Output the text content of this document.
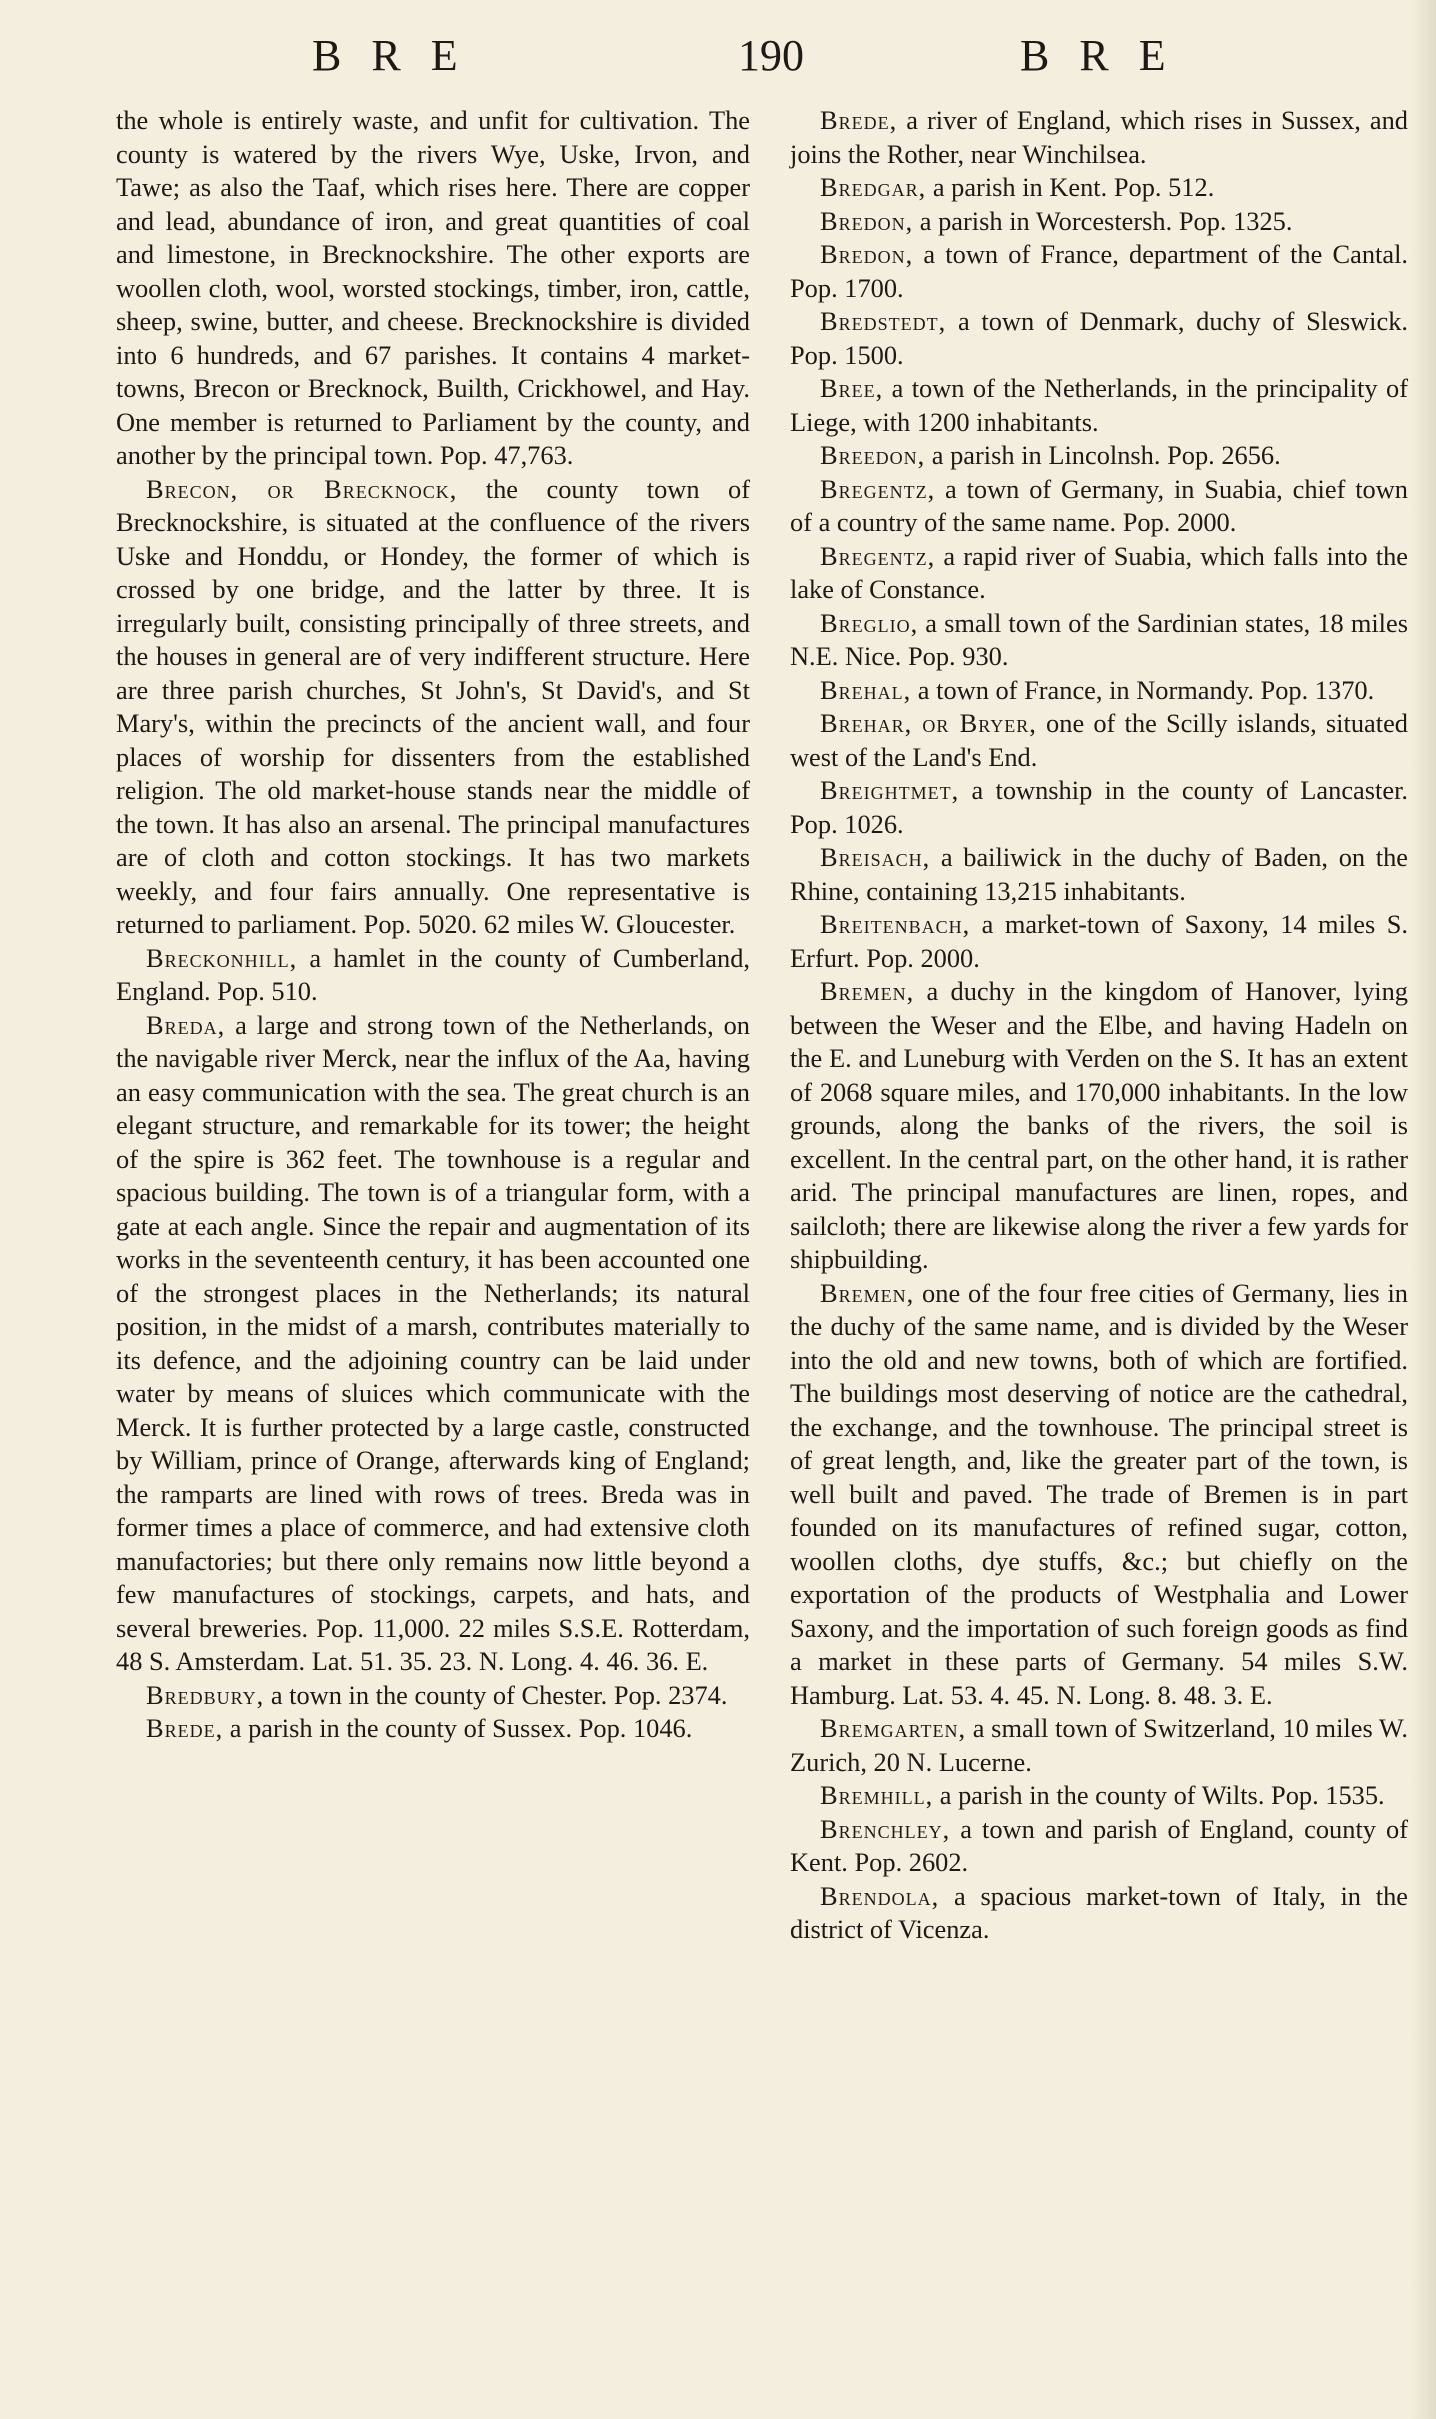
BRE	190	BRE

the whole is entirely waste, and unfit for cultivation. The county is watered by the rivers Wye, Uske, Irvon, and Tawe; as also the Taaf, which rises here. There are copper and lead, abundance of iron, and great quantities of coal and limestone, in Brecknockshire. The other exports are woollen cloth, wool, worsted stockings, timber, iron, cattle, sheep, swine, butter, and cheese. Brecknockshire is divided into 6 hundreds, and 67 parishes. It contains 4 market-towns, Brecon or Brecknock, Builth, Crickhowel, and Hay. One member is returned to Parliament by the county, and another by the principal town. Pop. 47,763.

Brecon, or Brecknock, the county town of Brecknockshire, is situated at the confluence of the rivers Uske and Honddu, or Hondey, the former of which is crossed by one bridge, and the latter by three. It is irregularly built, consisting principally of three streets, and the houses in general are of very indifferent structure. Here are three parish churches, St John's, St David's, and St Mary's, within the precincts of the ancient wall, and four places of worship for dissenters from the established religion. The old market-house stands near the middle of the town. It has also an arsenal. The principal manufactures are of cloth and cotton stockings. It has two markets weekly, and four fairs annually. One representative is returned to parliament. Pop. 5020. 62 miles W. Gloucester.

Breckonhill, a hamlet in the county of Cumberland, England. Pop. 510.

Breda, a large and strong town of the Netherlands, on the navigable river Merck, near the influx of the Aa, having an easy communication with the sea. The great church is an elegant structure, and remarkable for its tower; the height of the spire is 362 feet. The townhouse is a regular and spacious building. The town is of a triangular form, with a gate at each angle. Since the repair and augmentation of its works in the seventeenth century, it has been accounted one of the strongest places in the Netherlands; its natural position, in the midst of a marsh, contributes materially to its defence, and the adjoining country can be laid under water by means of sluices which communicate with the Merck. It is further protected by a large castle, constructed by William, prince of Orange, afterwards king of England; the ramparts are lined with rows of trees. Breda was in former times a place of commerce, and had extensive cloth manufactories; but there only remains now little beyond a few manufactures of stockings, carpets, and hats, and several breweries. Pop. 11,000. 22 miles S.S.E. Rotterdam, 48 S. Amsterdam. Lat. 51. 35. 23. N. Long. 4. 46. 36. E.

Bredbury, a town in the county of Chester. Pop. 2374.

Brede, a parish in the county of Sussex. Pop. 1046.

Brede, a river of England, which rises in Sussex, and joins the Rother, near Winchilsea.

Bredgar, a parish in Kent. Pop. 512.

Bredon, a parish in Worcestersh. Pop. 1325.

Bredon, a town of France, department of the Cantal. Pop. 1700.

Bredstedt, a town of Denmark, duchy of Sleswick. Pop. 1500.

Bree, a town of the Netherlands, in the principality of Liege, with 1200 inhabitants.

Breedon, a parish in Lincolnsh. Pop. 2656.

Bregentz, a town of Germany, in Suabia, chief town of a country of the same name. Pop. 2000.

Bregentz, a rapid river of Suabia, which falls into the lake of Constance.

Breglio, a small town of the Sardinian states, 18 miles N.E. Nice. Pop. 930.

Brehal, a town of France, in Normandy. Pop. 1370.

Brehar, or Bryer, one of the Scilly islands, situated west of the Land's End.

Breightmet, a township in the county of Lancaster. Pop. 1026.

Breisach, a bailiwick in the duchy of Baden, on the Rhine, containing 13,215 inhabitants.

Breitenbach, a market-town of Saxony, 14 miles S. Erfurt. Pop. 2000.

Bremen, a duchy in the kingdom of Hanover, lying between the Weser and the Elbe, and having Hadeln on the E. and Luneburg with Verden on the S. It has an extent of 2068 square miles, and 170,000 inhabitants. In the low grounds, along the banks of the rivers, the soil is excellent. In the central part, on the other hand, it is rather arid. The principal manufactures are linen, ropes, and sailcloth; there are likewise along the river a few yards for shipbuilding.

Bremen, one of the four free cities of Germany, lies in the duchy of the same name, and is divided by the Weser into the old and new towns, both of which are fortified. The buildings most deserving of notice are the cathedral, the exchange, and the townhouse. The principal street is of great length, and, like the greater part of the town, is well built and paved. The trade of Bremen is in part founded on its manufactures of refined sugar, cotton, woollen cloths, dye stuffs, &c.; but chiefly on the exportation of the products of Westphalia and Lower Saxony, and the importation of such foreign goods as find a market in these parts of Germany. 54 miles S.W. Hamburg. Lat. 53. 4. 45. N. Long. 8. 48. 3. E.

Bremgarten, a small town of Switzerland, 10 miles W. Zurich, 20 N. Lucerne.

Bremhill, a parish in the county of Wilts. Pop. 1535.

Brenchley, a town and parish of England, county of Kent. Pop. 2602.

Brendola, a spacious market-town of Italy, in the district of Vicenza.
